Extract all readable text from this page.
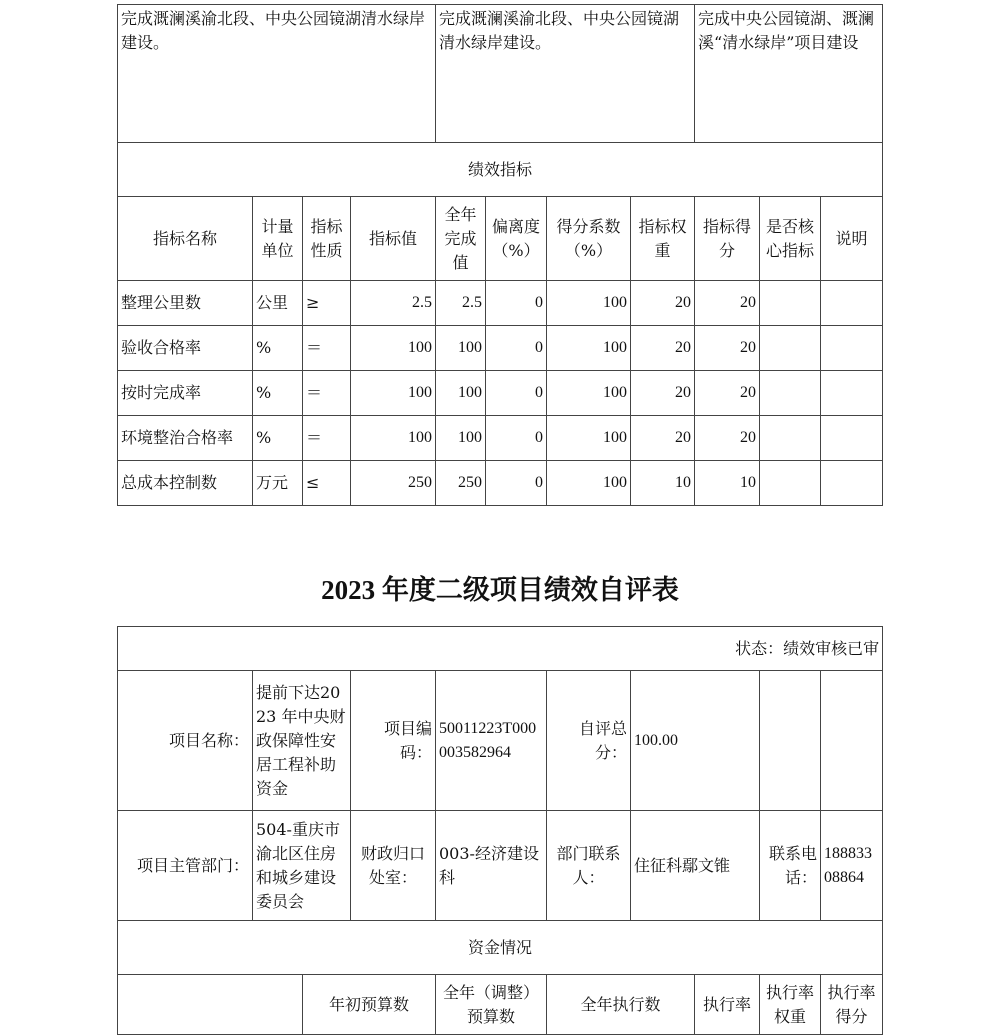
完成溉澜溪渝北段、中央公园镜湖清水绿岸建设。				完成溉澜溪渝北段、中央公园镜湖清水绿岸建设。				完成中央公园镜湖、溉澜溪“清水绿岸”项目建设		
绩效指标										
指标名称	计量单位	指标性质	指标值	全年完成值	偏离度（%）	得分系数（%）	指标权重	指标得分	是否核心指标	说明
整理公里数	公里	≥	2.5	2.5	0	100	20	20		
验收合格率	%	＝	100	100	0	100	20	20		
按时完成率	%	＝	100	100	0	100	20	20		
环境整治合格率	%	＝	100	100	0	100	20	20		
总成本控制数	万元	≤	250	250	0	100	10	10		
2023 年度二级项目绩效自评表
状态：绩效审核已审									
项目名称：	提前下达2023 年中央财政保障性安居工程补助资金		项目编码：	50011223T000003582964	自评总分：	100.00			
项目主管部门：	504-重庆市渝北区住房和城乡建设委员会		财政归口处室：	003-经济建设科	部门联系人：	住征科鄢文锥		联系电话：	18883308864
资金情况									
		年初预算数		全年（调整）预算数	全年执行数		执行率	执行率权重	执行率得分
